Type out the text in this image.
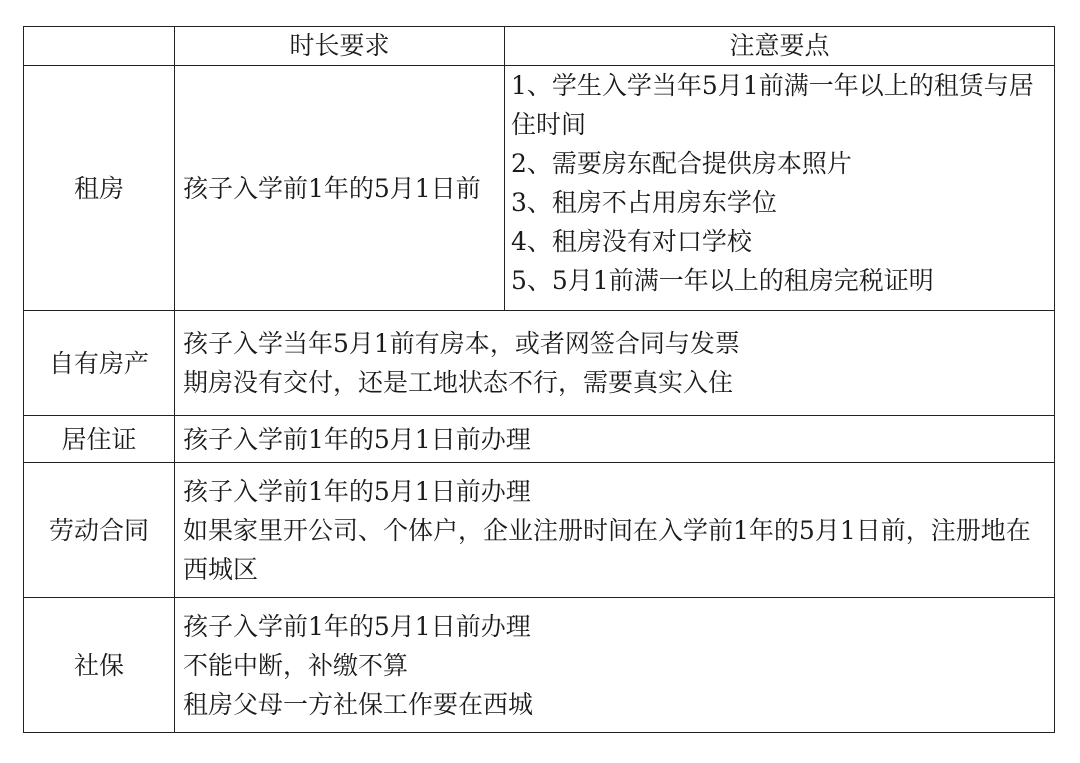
	时长要求	注意要点
租房	孩子入学前1年的5月1日前	1、学生入学当年5月1前满一年以上的租赁与居住时间
2、需要房东配合提供房本照片
3、租房不占用房东学位
4、租房没有对口学校
5、5月1前满一年以上的租房完税证明

自有房产	孩子入学当年5月1前有房本，或者网签合同与发票
期房没有交付，还是工地状态不行，需要真实入住	

居住证	孩子入学前1年的5月1日前办理	

劳动合同	孩子入学前1年的5月1日前办理
如果家里开公司、个体户，企业注册时间在入学前1年的5月1日前，注册地在西城区	

社保	孩子入学前1年的5月1日前办理
不能中断，补缴不算
租房父母一方社保工作要在西城	
